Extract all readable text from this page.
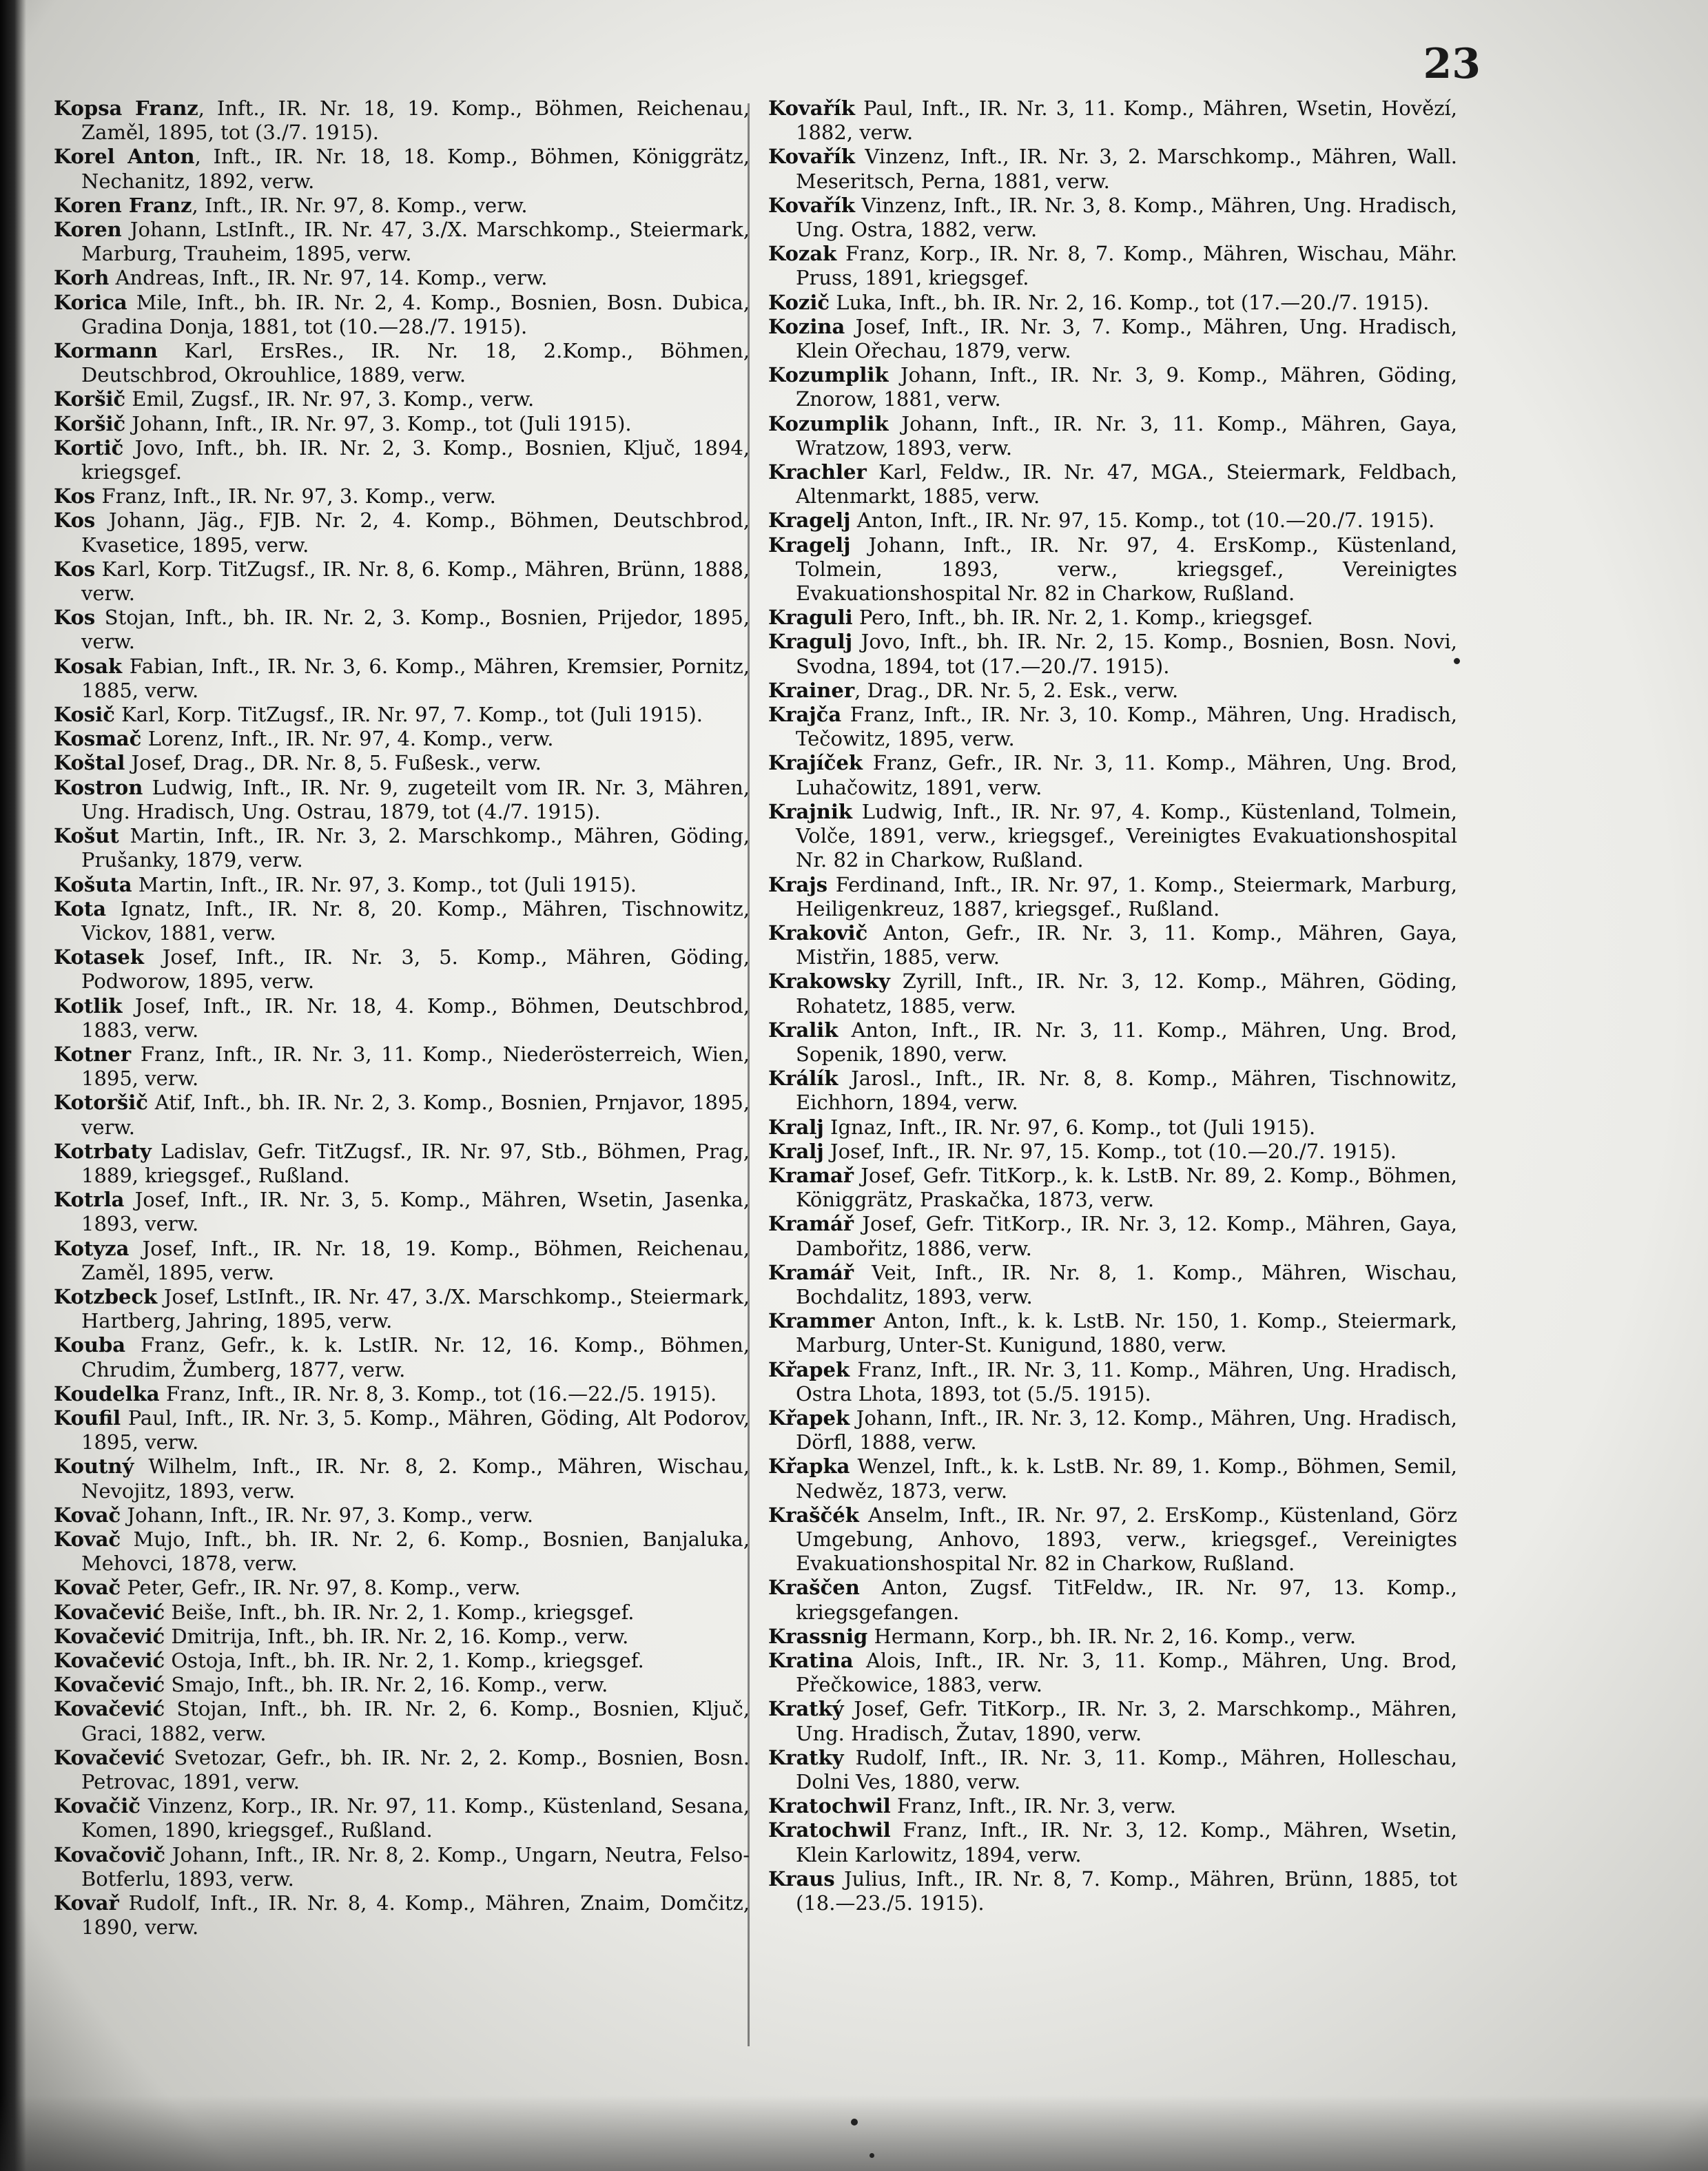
23

Kopsa Franz, Inft., IR. Nr. 18, 19. Komp., Böhmen, Reichenau, Zaměl, 1895, tot (3./7. 1915).

Korel Anton, Inft., IR. Nr. 18, 18. Komp., Böhmen, Königgrätz, Nechanitz, 1892, verw.

Koren Franz, Inft., IR. Nr. 97, 8. Komp., verw.

Koren Johann, LstInft., IR. Nr. 47, 3./X. Marschkomp., Steiermark, Marburg, Trauheim, 1895, verw.

Korh Andreas, Inft., IR. Nr. 97, 14. Komp., verw.

Korica Mile, Inft., bh. IR. Nr. 2, 4. Komp., Bosnien, Bosn. Dubica, Gradina Donja, 1881, tot (10.—28./7. 1915).

Kormann Karl, ErsRes., IR. Nr. 18, 2.Komp., Böhmen, Deutschbrod, Okrouhlice, 1889, verw.

Koršič Emil, Zugsf., IR. Nr. 97, 3. Komp., verw.

Koršič Johann, Inft., IR. Nr. 97, 3. Komp., tot (Juli 1915).

Kortič Jovo, Inft., bh. IR. Nr. 2, 3. Komp., Bosnien, Ključ, 1894, kriegsgef.

Kos Franz, Inft., IR. Nr. 97, 3. Komp., verw.

Kos Johann, Jäg., FJB. Nr. 2, 4. Komp., Böhmen, Deutschbrod, Kvasetice, 1895, verw.

Kos Karl, Korp. TitZugsf., IR. Nr. 8, 6. Komp., Mähren, Brünn, 1888, verw.

Kos Stojan, Inft., bh. IR. Nr. 2, 3. Komp., Bosnien, Prijedor, 1895, verw.

Kosak Fabian, Inft., IR. Nr. 3, 6. Komp., Mähren, Kremsier, Pornitz, 1885, verw.

Kosič Karl, Korp. TitZugsf., IR. Nr. 97, 7. Komp., tot (Juli 1915).

Kosmač Lorenz, Inft., IR. Nr. 97, 4. Komp., verw.

Koštal Josef, Drag., DR. Nr. 8, 5. Fußesk., verw.

Kostron Ludwig, Inft., IR. Nr. 9, zugeteilt vom IR. Nr. 3, Mähren, Ung. Hradisch, Ung. Ostrau, 1879, tot (4./7. 1915).

Košut Martin, Inft., IR. Nr. 3, 2. Marschkomp., Mähren, Göding, Prušanky, 1879, verw.

Košuta Martin, Inft., IR. Nr. 97, 3. Komp., tot (Juli 1915).

Kota Ignatz, Inft., IR. Nr. 8, 20. Komp., Mähren, Tischnowitz, Vickov, 1881, verw.

Kotasek Josef, Inft., IR. Nr. 3, 5. Komp., Mähren, Göding, Podworow, 1895, verw.

Kotlik Josef, Inft., IR. Nr. 18, 4. Komp., Böhmen, Deutschbrod, 1883, verw.

Kotner Franz, Inft., IR. Nr. 3, 11. Komp., Niederösterreich, Wien, 1895, verw.

Kotoršič Atif, Inft., bh. IR. Nr. 2, 3. Komp., Bosnien, Prnjavor, 1895, verw.

Kotrbaty Ladislav, Gefr. TitZugsf., IR. Nr. 97, Stb., Böhmen, Prag, 1889, kriegsgef., Rußland.

Kotrla Josef, Inft., IR. Nr. 3, 5. Komp., Mähren, Wsetin, Jasenka, 1893, verw.

Kotyza Josef, Inft., IR. Nr. 18, 19. Komp., Böhmen, Reichenau, Zaměl, 1895, verw.

Kotzbeck Josef, LstInft., IR. Nr. 47, 3./X. Marschkomp., Steiermark, Hartberg, Jahring, 1895, verw.

Kouba Franz, Gefr., k. k. LstIR. Nr. 12, 16. Komp., Böhmen, Chrudim, Žumberg, 1877, verw.

Koudelka Franz, Inft., IR. Nr. 8, 3. Komp., tot (16.—22./5. 1915).

Koufil Paul, Inft., IR. Nr. 3, 5. Komp., Mähren, Göding, Alt Podorov, 1895, verw.

Koutný Wilhelm, Inft., IR. Nr. 8, 2. Komp., Mähren, Wischau, Nevojitz, 1893, verw.

Kovač Johann, Inft., IR. Nr. 97, 3. Komp., verw.

Kovač Mujo, Inft., bh. IR. Nr. 2, 6. Komp., Bosnien, Banjaluka, Mehovci, 1878, verw.

Kovač Peter, Gefr., IR. Nr. 97, 8. Komp., verw.

Kovačević Beiše, Inft., bh. IR. Nr. 2, 1. Komp., kriegsgef.

Kovačević Dmitrija, Inft., bh. IR. Nr. 2, 16. Komp., verw.

Kovačević Ostoja, Inft., bh. IR. Nr. 2, 1. Komp., kriegsgef.

Kovačević Smajo, Inft., bh. IR. Nr. 2, 16. Komp., verw.

Kovačević Stojan, Inft., bh. IR. Nr. 2, 6. Komp., Bosnien, Ključ, Graci, 1882, verw.

Kovačević Svetozar, Gefr., bh. IR. Nr. 2, 2. Komp., Bosnien, Bosn. Petrovac, 1891, verw.

Kovačič Vinzenz, Korp., IR. Nr. 97, 11. Komp., Küstenland, Sesana, Komen, 1890, kriegsgef., Rußland.

Kovačovič Johann, Inft., IR. Nr. 8, 2. Komp., Ungarn, Neutra, Felso-Botferlu, 1893, verw.

Kovař Rudolf, Inft., IR. Nr. 8, 4. Komp., Mähren, Znaim, Domčitz, 1890, verw.

Kovařík Paul, Inft., IR. Nr. 3, 11. Komp., Mähren, Wsetin, Hovězí, 1882, verw.

Kovařík Vinzenz, Inft., IR. Nr. 3, 2. Marschkomp., Mähren, Wall. Meseritsch, Perna, 1881, verw.

Kovařík Vinzenz, Inft., IR. Nr. 3, 8. Komp., Mähren, Ung. Hradisch, Ung. Ostra, 1882, verw.

Kozak Franz, Korp., IR. Nr. 8, 7. Komp., Mähren, Wischau, Mähr. Pruss, 1891, kriegsgef.

Kozič Luka, Inft., bh. IR. Nr. 2, 16. Komp., tot (17.—20./7. 1915).

Kozina Josef, Inft., IR. Nr. 3, 7. Komp., Mähren, Ung. Hradisch, Klein Ořechau, 1879, verw.

Kozumplik Johann, Inft., IR. Nr. 3, 9. Komp., Mähren, Göding, Znorow, 1881, verw.

Kozumplik Johann, Inft., IR. Nr. 3, 11. Komp., Mähren, Gaya, Wratzow, 1893, verw.

Krachler Karl, Feldw., IR. Nr. 47, MGA., Steiermark, Feldbach, Altenmarkt, 1885, verw.

Kragelj Anton, Inft., IR. Nr. 97, 15. Komp., tot (10.—20./7. 1915).

Kragelj Johann, Inft., IR. Nr. 97, 4. ErsKomp., Küstenland, Tolmein, 1893, verw., kriegsgef., Vereinigtes Evakuationshospital Nr. 82 in Charkow, Rußland.

Kraguli Pero, Inft., bh. IR. Nr. 2, 1. Komp., kriegsgef.

Kragulj Jovo, Inft., bh. IR. Nr. 2, 15. Komp., Bosnien, Bosn. Novi, Svodna, 1894, tot (17.—20./7. 1915).

Krainer, Drag., DR. Nr. 5, 2. Esk., verw.

Krajča Franz, Inft., IR. Nr. 3, 10. Komp., Mähren, Ung. Hradisch, Tečowitz, 1895, verw.

Krajíček Franz, Gefr., IR. Nr. 3, 11. Komp., Mähren, Ung. Brod, Luhačowitz, 1891, verw.

Krajnik Ludwig, Inft., IR. Nr. 97, 4. Komp., Küstenland, Tolmein, Volče, 1891, verw., kriegsgef., Vereinigtes Evakuationshospital Nr. 82 in Charkow, Rußland.

Krajs Ferdinand, Inft., IR. Nr. 97, 1. Komp., Steiermark, Marburg, Heiligenkreuz, 1887, kriegsgef., Rußland.

Krakovič Anton, Gefr., IR. Nr. 3, 11. Komp., Mähren, Gaya, Mistřin, 1885, verw.

Krakowsky Zyrill, Inft., IR. Nr. 3, 12. Komp., Mähren, Göding, Rohatetz, 1885, verw.

Kralik Anton, Inft., IR. Nr. 3, 11. Komp., Mähren, Ung. Brod, Sopenik, 1890, verw.

Králík Jarosl., Inft., IR. Nr. 8, 8. Komp., Mähren, Tischnowitz, Eichhorn, 1894, verw.

Kralj Ignaz, Inft., IR. Nr. 97, 6. Komp., tot (Juli 1915).

Kralj Josef, Inft., IR. Nr. 97, 15. Komp., tot (10.—20./7. 1915).

Kramař Josef, Gefr. TitKorp., k. k. LstB. Nr. 89, 2. Komp., Böhmen, Königgrätz, Praskačka, 1873, verw.

Kramář Josef, Gefr. TitKorp., IR. Nr. 3, 12. Komp., Mähren, Gaya, Dambořitz, 1886, verw.

Kramář Veit, Inft., IR. Nr. 8, 1. Komp., Mähren, Wischau, Bochdalitz, 1893, verw.

Krammer Anton, Inft., k. k. LstB. Nr. 150, 1. Komp., Steiermark, Marburg, Unter-St. Kunigund, 1880, verw.

Křapek Franz, Inft., IR. Nr. 3, 11. Komp., Mähren, Ung. Hradisch, Ostra Lhota, 1893, tot (5./5. 1915).

Křapek Johann, Inft., IR. Nr. 3, 12. Komp., Mähren, Ung. Hradisch, Dörfl, 1888, verw.

Křapka Wenzel, Inft., k. k. LstB. Nr. 89, 1. Komp., Böhmen, Semil, Nedwěz, 1873, verw.

Kraščék Anselm, Inft., IR. Nr. 97, 2. ErsKomp., Küstenland, Görz Umgebung, Anhovo, 1893, verw., kriegsgef., Vereinigtes Evakuationshospital Nr. 82 in Charkow, Rußland.

Kraščen Anton, Zugsf. TitFeldw., IR. Nr. 97, 13. Komp., kriegsgefangen.

Krassnig Hermann, Korp., bh. IR. Nr. 2, 16. Komp., verw.

Kratina Alois, Inft., IR. Nr. 3, 11. Komp., Mähren, Ung. Brod, Přečkowice, 1883, verw.

Kratký Josef, Gefr. TitKorp., IR. Nr. 3, 2. Marschkomp., Mähren, Ung. Hradisch, Žutav, 1890, verw.

Kratky Rudolf, Inft., IR. Nr. 3, 11. Komp., Mähren, Holleschau, Dolni Ves, 1880, verw.

Kratochwil Franz, Inft., IR. Nr. 3, verw.

Kratochwil Franz, Inft., IR. Nr. 3, 12. Komp., Mähren, Wsetin, Klein Karlowitz, 1894, verw.

Kraus Julius, Inft., IR. Nr. 8, 7. Komp., Mähren, Brünn, 1885, tot (18.—23./5. 1915).
